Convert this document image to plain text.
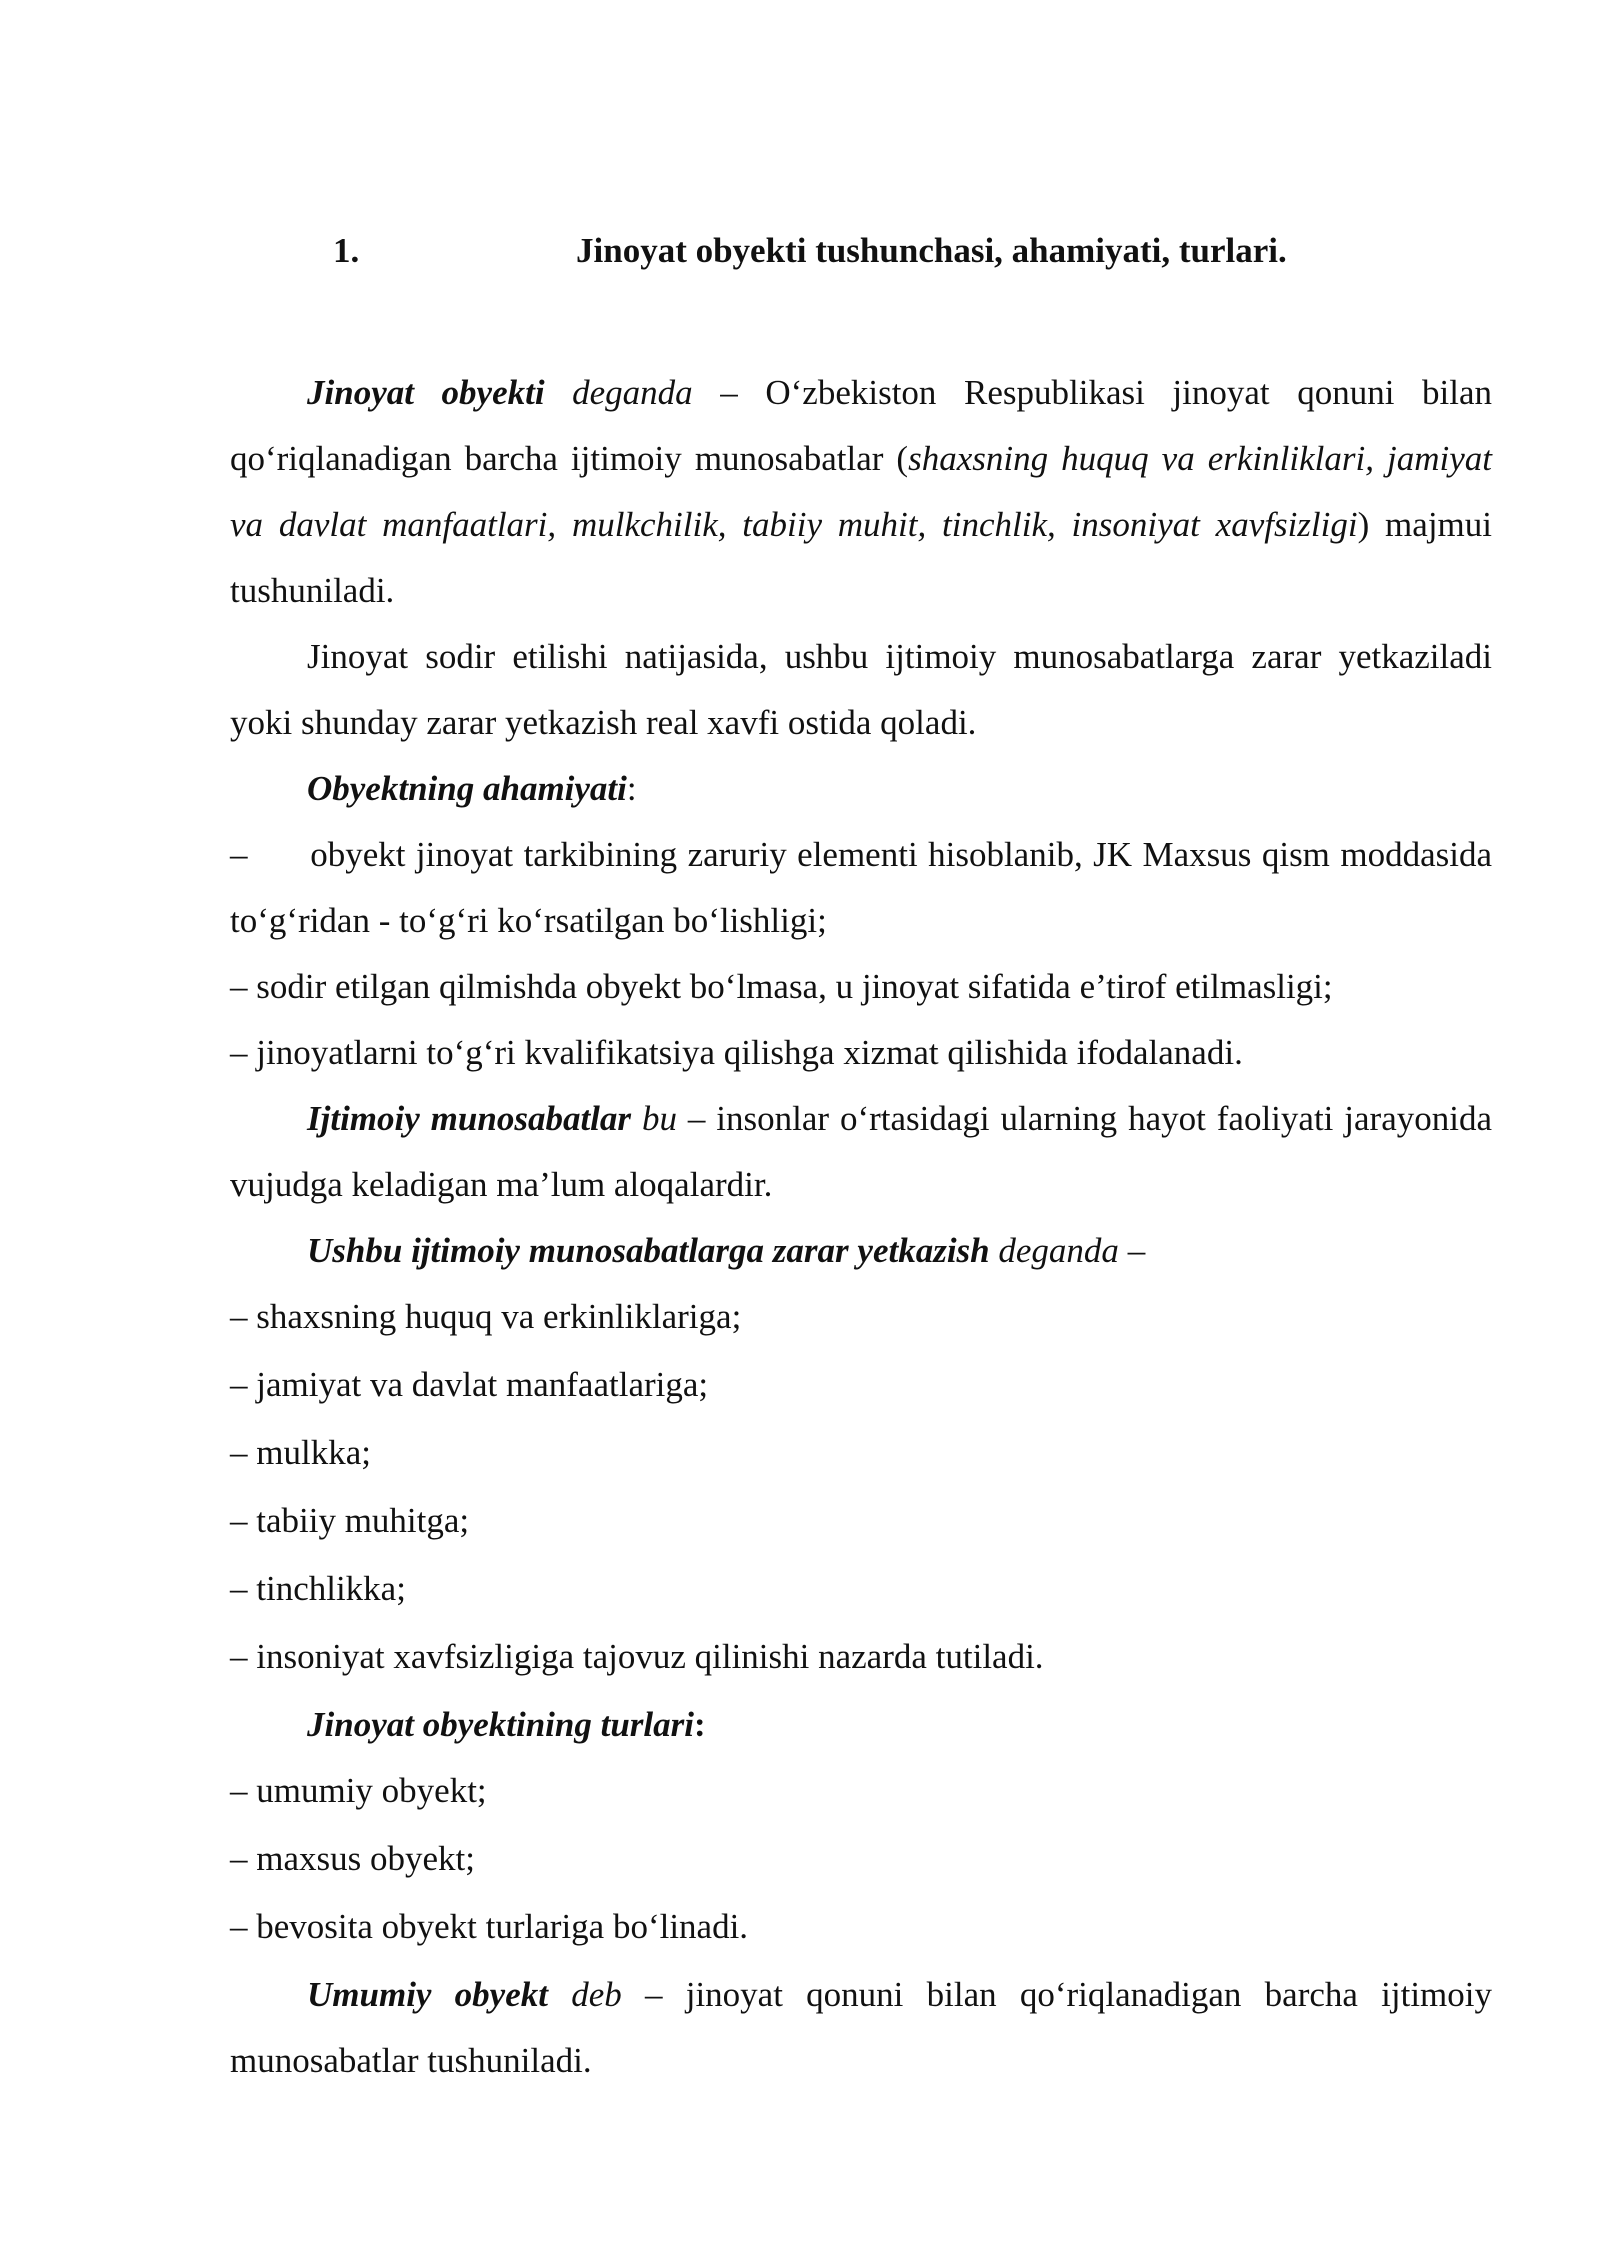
1.	Jinoyat obyekti tushunchasi, ahamiyati, turlari.

Jinoyat obyekti deganda – O‘zbekiston Respublikasi jinoyat qonuni bilan qo‘riqlanadigan barcha ijtimoiy munosabatlar (shaxsning huquq va erkinliklari, jamiyat va davlat manfaatlari, mulkchilik, tabiiy muhit, tinchlik, insoniyat xavfsizligi) majmui tushuniladi.

Jinoyat sodir etilishi natijasida, ushbu ijtimoiy munosabatlarga zarar yetkaziladi yoki shunday zarar yetkazish real xavfi ostida qoladi.

Obyektning ahamiyati:

–      obyekt jinoyat tarkibining zaruriy elementi hisoblanib, JK Maxsus qism moddasida to‘g‘ridan - to‘g‘ri ko‘rsatilgan bo‘lishligi;

– sodir etilgan qilmishda obyekt bo‘lmasa, u jinoyat sifatida e’tirof etilmasligi;

– jinoyatlarni to‘g‘ri kvalifikatsiya qilishga xizmat qilishida ifodalanadi.

Ijtimoiy munosabatlar bu – insonlar o‘rtasidagi ularning hayot faoliyati jarayonida vujudga keladigan ma’lum aloqalardir.

Ushbu ijtimoiy munosabatlarga zarar yetkazish deganda –

– shaxsning huquq va erkinliklariga;

– jamiyat va davlat manfaatlariga;

– mulkka;

– tabiiy muhitga;

– tinchlikka;

– insoniyat xavfsizligiga tajovuz qilinishi nazarda tutiladi.

Jinoyat obyektining turlari:

– umumiy obyekt;

– maxsus obyekt;

– bevosita obyekt turlariga bo‘linadi.

Umumiy obyekt deb – jinoyat qonuni bilan qo‘riqlanadigan barcha ijtimoiy munosabatlar tushuniladi.
